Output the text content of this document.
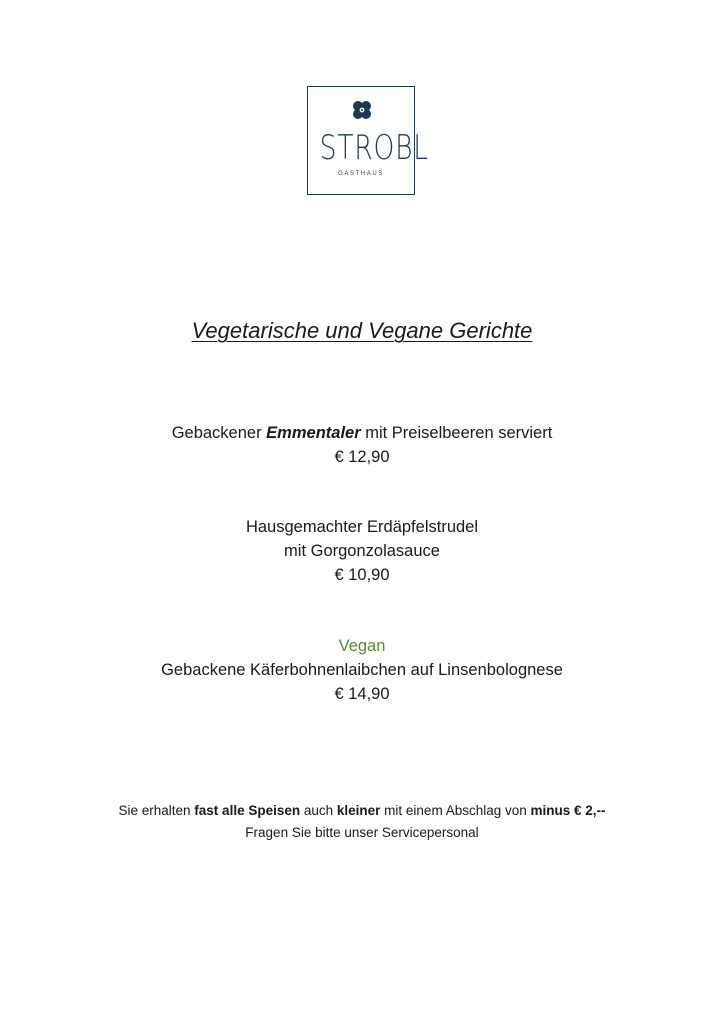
STROBL
GASTHAUS
Vegetarische und Vegane Gerichte
Gebackener Emmentaler mit Preiselbeeren serviert
€ 12,90
Hausgemachter Erdäpfelstrudel
mit Gorgonzolasauce
€ 10,90
Vegan
Gebackene Käferbohnenlaibchen auf Linsenbolognese
€ 14,90
Sie erhalten fast alle Speisen auch kleiner mit einem Abschlag von minus € 2,--
Fragen Sie bitte unser Servicepersonal
